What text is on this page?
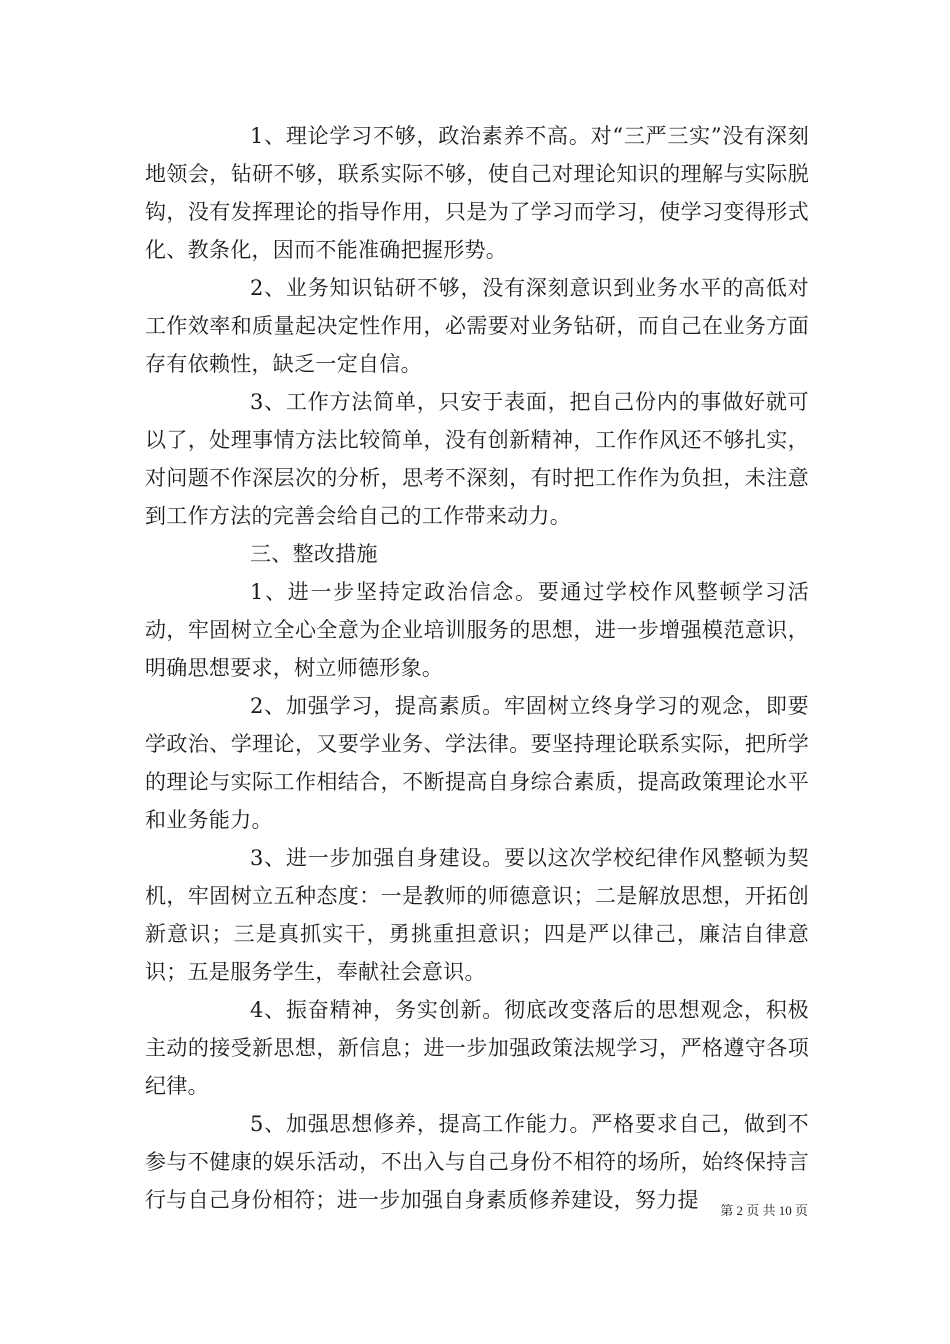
1、理论学习不够，政治素养不高。对“三严三实”没有深刻地领会，钻研不够，联系实际不够，使自己对理论知识的理解与实际脱钩，没有发挥理论的指导作用，只是为了学习而学习，使学习变得形式化、教条化，因而不能准确把握形势。

2、业务知识钻研不够，没有深刻意识到业务水平的高低对工作效率和质量起决定性作用，必需要对业务钻研，而自己在业务方面存有依赖性，缺乏一定自信。

3、工作方法简单，只安于表面，把自己份内的事做好就可以了，处理事情方法比较简单，没有创新精神，工作作风还不够扎实，对问题不作深层次的分析，思考不深刻，有时把工作作为负担，未注意到工作方法的完善会给自己的工作带来动力。

三、整改措施

1、进一步坚持定政治信念。要通过学校作风整顿学习活动，牢固树立全心全意为企业培训服务的思想，进一步增强模范意识，明确思想要求，树立师德形象。

2、加强学习，提高素质。牢固树立终身学习的观念，即要学政治、学理论，又要学业务、学法律。要坚持理论联系实际，把所学的理论与实际工作相结合，不断提高自身综合素质，提高政策理论水平和业务能力。

3、进一步加强自身建设。要以这次学校纪律作风整顿为契机，牢固树立五种态度：一是教师的师德意识；二是解放思想，开拓创新意识；三是真抓实干，勇挑重担意识；四是严以律己，廉洁自律意识；五是服务学生，奉献社会意识。

4、振奋精神，务实创新。彻底改变落后的思想观念，积极主动的接受新思想，新信息；进一步加强政策法规学习，严格遵守各项纪律。

5、加强思想修养，提高工作能力。严格要求自己，做到不参与不健康的娱乐活动，不出入与自己身份不相符的场所，始终保持言行与自己身份相符；进一步加强自身素质修养建设，努力提	第 2 页 共 10 页
